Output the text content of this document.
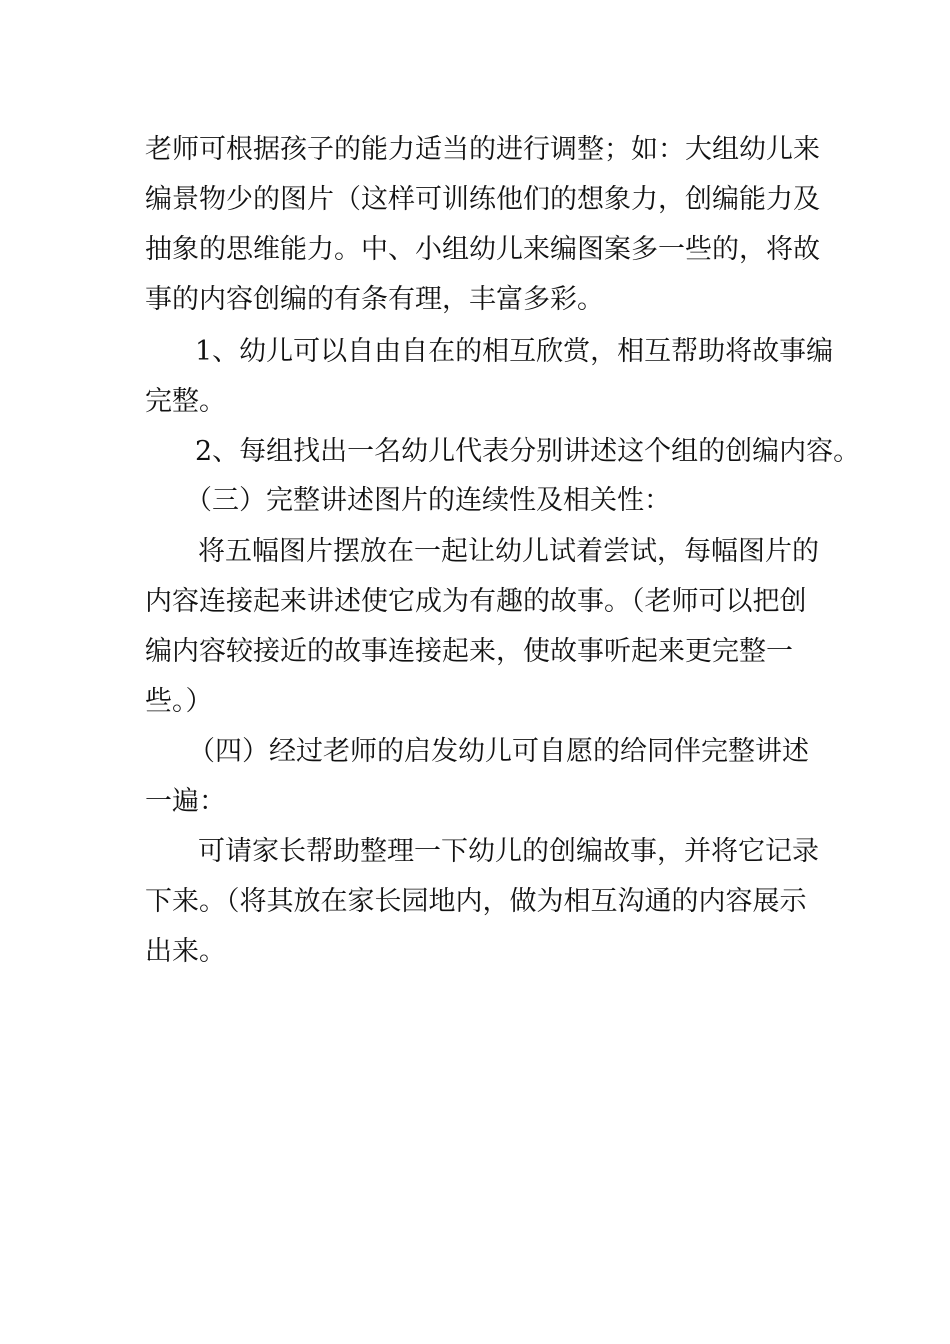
老师可根据孩子的能力适当的进行调整；如：大组幼儿来
编景物少的图片（这样可训练他们的想象力，创编能力及
抽象的思维能力。中、小组幼儿来编图案多一些的，将故
事的内容创编的有条有理，丰富多彩。
1、幼儿可以自由自在的相互欣赏，相互帮助将故事编
完整。
2、每组找出一名幼儿代表分别讲述这个组的创编内容。
（三）完整讲述图片的连续性及相关性：
将五幅图片摆放在一起让幼儿试着尝试，每幅图片的
内容连接起来讲述使它成为有趣的故事。（老师可以把创
编内容较接近的故事连接起来，使故事听起来更完整一
些。）
（四）经过老师的启发幼儿可自愿的给同伴完整讲述
一遍：
可请家长帮助整理一下幼儿的创编故事，并将它记录
下来。（将其放在家长园地内，做为相互沟通的内容展示
出来。
